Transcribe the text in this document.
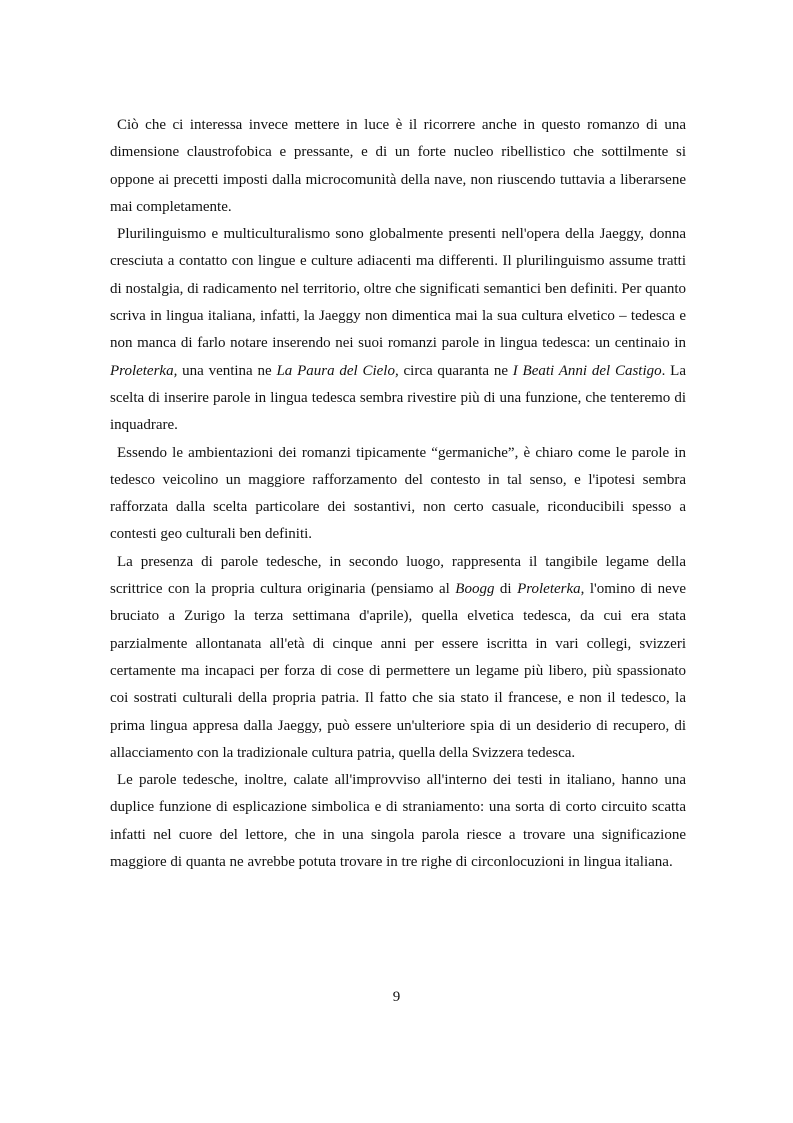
Ciò che ci interessa invece mettere in luce è il ricorrere anche in questo romanzo di una dimensione claustrofobica e pressante, e di un forte nucleo ribellistico che sottilmente si oppone ai precetti imposti dalla microcomunità della nave, non riuscendo tuttavia a liberarsene mai completamente.

Plurilinguismo e multiculturalismo sono globalmente presenti nell'opera della Jaeggy, donna cresciuta a contatto con lingue e culture adiacenti ma differenti. Il plurilinguismo assume tratti di nostalgia, di radicamento nel territorio, oltre che significati semantici ben definiti. Per quanto scriva in lingua italiana, infatti, la Jaeggy non dimentica mai la sua cultura elvetico – tedesca e non manca di farlo notare inserendo nei suoi romanzi parole in lingua tedesca: un centinaio in Proleterka, una ventina ne La Paura del Cielo, circa quaranta ne I Beati Anni del Castigo. La scelta di inserire parole in lingua tedesca sembra rivestire più di una funzione, che tenteremo di inquadrare.

Essendo le ambientazioni dei romanzi tipicamente “germaniche”, è chiaro come le parole in tedesco veicolino un maggiore rafforzamento del contesto in tal senso, e l'ipotesi sembra rafforzata dalla scelta particolare dei sostantivi, non certo casuale, riconducibili spesso a contesti geo culturali ben definiti.

La presenza di parole tedesche, in secondo luogo, rappresenta il tangibile legame della scrittrice con la propria cultura originaria (pensiamo al Boogg di Proleterka, l'omino di neve bruciato a Zurigo la terza settimana d'aprile), quella elvetica tedesca, da cui era stata parzialmente allontanata all'età di cinque anni per essere iscritta in vari collegi, svizzeri certamente ma incapaci per forza di cose di permettere un legame più libero, più spassionato coi sostrati culturali della propria patria. Il fatto che sia stato il francese, e non il tedesco, la prima lingua appresa dalla Jaeggy, può essere un'ulteriore spia di un desiderio di recupero, di allacciamento con la tradizionale cultura patria, quella della Svizzera tedesca.

Le parole tedesche, inoltre, calate all'improvviso all'interno dei testi in italiano, hanno una duplice funzione di esplicazione simbolica e di straniamento: una sorta di corto circuito scatta infatti nel cuore del lettore, che in una singola parola riesce a trovare una significazione maggiore di quanta ne avrebbe potuta trovare in tre righe di circonlocuzioni in lingua italiana.

9
